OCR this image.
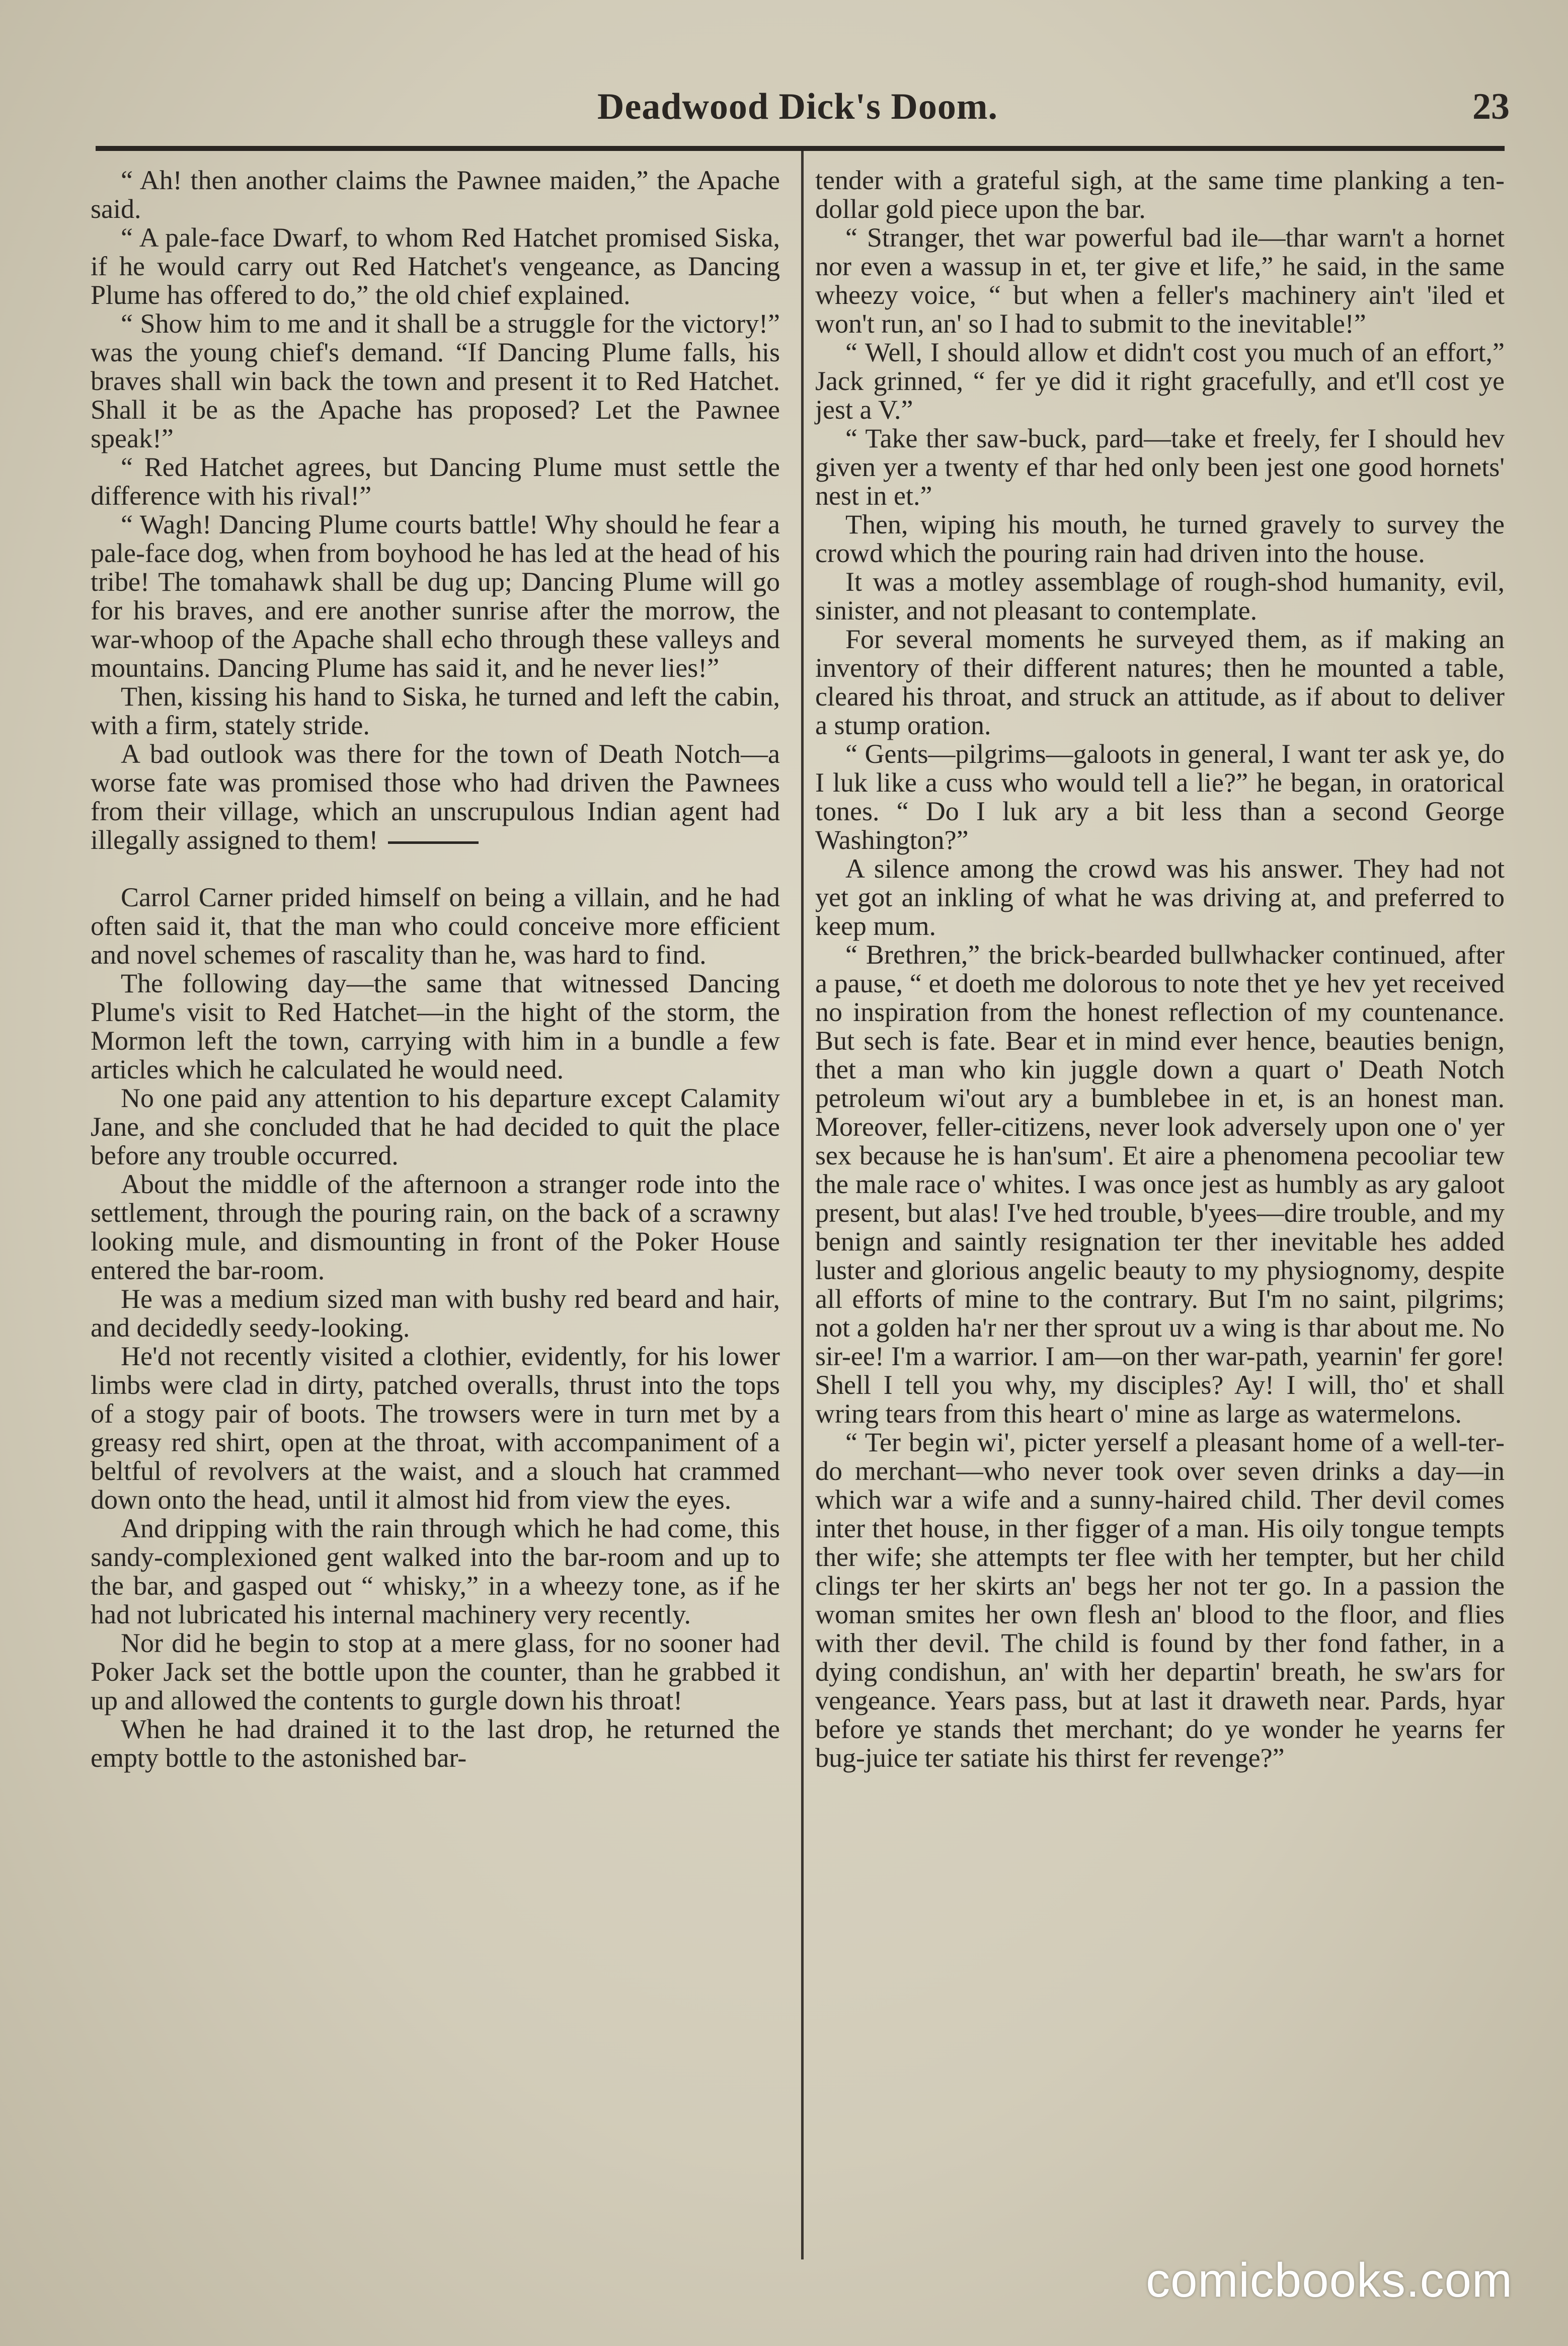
Deadwood Dick's Doom.	23

“ Ah! then another claims the Pawnee maiden,” the Apache said.

“ A pale-face Dwarf, to whom Red Hatchet promised Siska, if he would carry out Red Hatchet's vengeance, as Dancing Plume has offered to do,” the old chief explained.

“ Show him to me and it shall be a struggle for the victory!” was the young chief's demand. “If Dancing Plume falls, his braves shall win back the town and present it to Red Hatchet. Shall it be as the Apache has proposed? Let the Pawnee speak!”

“ Red Hatchet agrees, but Dancing Plume must settle the difference with his rival!”

“ Wagh! Dancing Plume courts battle! Why should he fear a pale-face dog, when from boyhood he has led at the head of his tribe! The tomahawk shall be dug up; Dancing Plume will go for his braves, and ere another sunrise after the morrow, the war-whoop of the Apache shall echo through these valleys and mountains. Dancing Plume has said it, and he never lies!”

Then, kissing his hand to Siska, he turned and left the cabin, with a firm, stately stride.

A bad outlook was there for the town of Death Notch—a worse fate was promised those who had driven the Pawnees from their village, which an unscrupulous Indian agent had illegally assigned to them!

Carrol Carner prided himself on being a villain, and he had often said it, that the man who could conceive more efficient and novel schemes of rascality than he, was hard to find.

The following day—the same that witnessed Dancing Plume's visit to Red Hatchet—in the hight of the storm, the Mormon left the town, carrying with him in a bundle a few articles which he calculated he would need.

No one paid any attention to his departure except Calamity Jane, and she concluded that he had decided to quit the place before any trouble occurred.

About the middle of the afternoon a stranger rode into the settlement, through the pouring rain, on the back of a scrawny looking mule, and dismounting in front of the Poker House entered the bar-room.

He was a medium sized man with bushy red beard and hair, and decidedly seedy-looking.

He'd not recently visited a clothier, evidently, for his lower limbs were clad in dirty, patched overalls, thrust into the tops of a stogy pair of boots. The trowsers were in turn met by a greasy red shirt, open at the throat, with accompaniment of a beltful of revolvers at the waist, and a slouch hat crammed down onto the head, until it almost hid from view the eyes.

And dripping with the rain through which he had come, this sandy-complexioned gent walked into the bar-room and up to the bar, and gasped out “ whisky,” in a wheezy tone, as if he had not lubricated his internal machinery very recently.

Nor did he begin to stop at a mere glass, for no sooner had Poker Jack set the bottle upon the counter, than he grabbed it up and allowed the contents to gurgle down his throat!

When he had drained it to the last drop, he returned the empty bottle to the astonished bar-

tender with a grateful sigh, at the same time planking a ten-dollar gold piece upon the bar.

“ Stranger, thet war powerful bad ile—thar warn't a hornet nor even a wassup in et, ter give et life,” he said, in the same wheezy voice, “ but when a feller's machinery ain't 'iled et won't run, an' so I had to submit to the inevitable!”

“ Well, I should allow et didn't cost you much of an effort,” Jack grinned, “ fer ye did it right gracefully, and et'll cost ye jest a V.”

“ Take ther saw-buck, pard—take et freely, fer I should hev given yer a twenty ef thar hed only been jest one good hornets' nest in et.”

Then, wiping his mouth, he turned gravely to survey the crowd which the pouring rain had driven into the house.

It was a motley assemblage of rough-shod humanity, evil, sinister, and not pleasant to contemplate.

For several moments he surveyed them, as if making an inventory of their different natures; then he mounted a table, cleared his throat, and struck an attitude, as if about to deliver a stump oration.

“ Gents—pilgrims—galoots in general, I want ter ask ye, do I luk like a cuss who would tell a lie?” he began, in oratorical tones. “ Do I luk ary a bit less than a second George Washington?”

A silence among the crowd was his answer. They had not yet got an inkling of what he was driving at, and preferred to keep mum.

“ Brethren,” the brick-bearded bullwhacker continued, after a pause, “ et doeth me dolorous to note thet ye hev yet received no inspiration from the honest reflection of my countenance. But sech is fate. Bear et in mind ever hence, beauties benign, thet a man who kin juggle down a quart o' Death Notch petroleum wi'out ary a bumblebee in et, is an honest man. Moreover, feller-citizens, never look adversely upon one o' yer sex because he is han'sum'. Et aire a phenomena pecooliar tew the male race o' whites. I was once jest as humbly as ary galoot present, but alas! I've hed trouble, b'yees—dire trouble, and my benign and saintly resignation ter ther inevitable hes added luster and glorious angelic beauty to my physiognomy, despite all efforts of mine to the contrary. But I'm no saint, pilgrims; not a golden ha'r ner ther sprout uv a wing is thar about me. No sir-ee! I'm a warrior. I am—on ther war-path, yearnin' fer gore! Shell I tell you why, my disciples? Ay! I will, tho' et shall wring tears from this heart o' mine as large as watermelons.

“ Ter begin wi', picter yerself a pleasant home of a well-ter-do merchant—who never took over seven drinks a day—in which war a wife and a sunny-haired child. Ther devil comes inter thet house, in ther figger of a man. His oily tongue tempts ther wife; she attempts ter flee with her tempter, but her child clings ter her skirts an' begs her not ter go. In a passion the woman smites her own flesh an' blood to the floor, and flies with ther devil. The child is found by ther fond father, in a dying condishun, an' with her departin' breath, he sw'ars for vengeance. Years pass, but at last it draweth near. Pards, hyar before ye stands thet merchant; do ye wonder he yearns fer bug-juice ter satiate his thirst fer revenge?”

comicbooks.com
